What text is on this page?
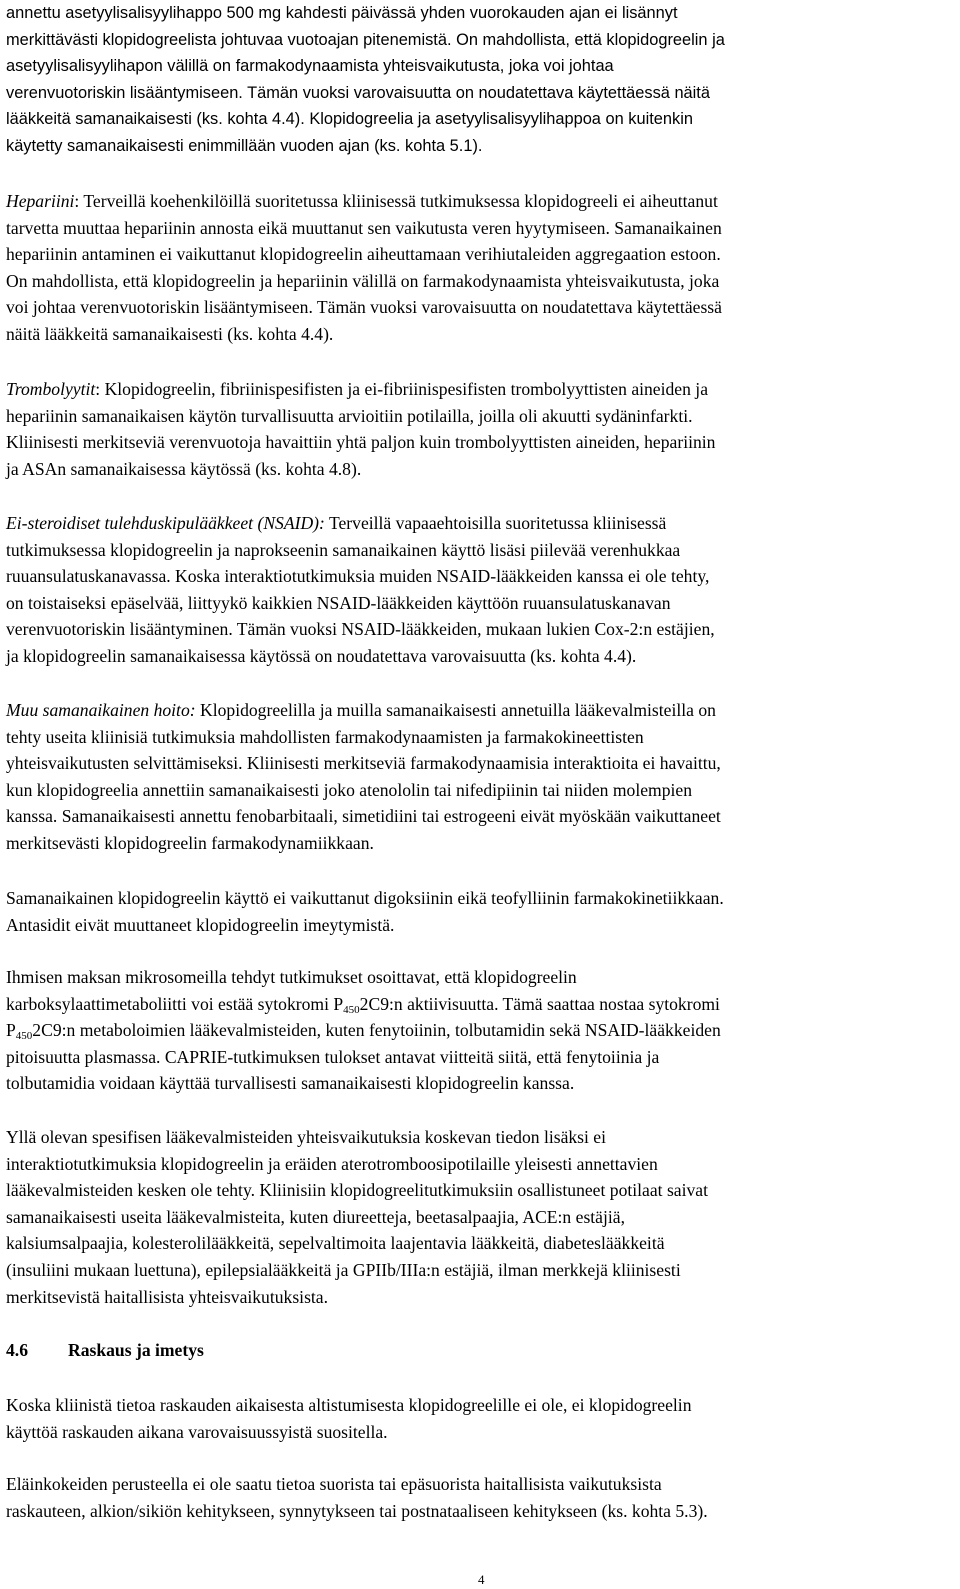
annettu asetyylisalisyylihappo 500 mg kahdesti päivässä yhden vuorokauden ajan ei lisännyt
merkittävästi klopidogreelista johtuvaa vuotoajan pitenemistä. On mahdollista, että klopidogreelin ja
asetyylisalisyylihapon välillä on farmakodynaamista yhteisvaikutusta, joka voi johtaa
verenvuotoriskin lisääntymiseen. Tämän vuoksi varovaisuutta on noudatettava käytettäessä näitä
lääkkeitä samanaikaisesti (ks. kohta 4.4). Klopidogreelia ja asetyylisalisyylihappoa on kuitenkin
käytetty samanaikaisesti enimmillään vuoden ajan (ks. kohta 5.1).
Hepariini: Terveillä koehenkilöillä suoritetussa kliinisessä tutkimuksessa klopidogreeli ei aiheuttanut
tarvetta muuttaa hepariinin annosta eikä muuttanut sen vaikutusta veren hyytymiseen. Samanaikainen
hepariinin antaminen ei vaikuttanut klopidogreelin aiheuttamaan verihiutaleiden aggregaation estoon.
On mahdollista, että klopidogreelin ja hepariinin välillä on farmakodynaamista yhteisvaikutusta, joka
voi johtaa verenvuotoriskin lisääntymiseen. Tämän vuoksi varovaisuutta on noudatettava käytettäessä
näitä lääkkeitä samanaikaisesti (ks. kohta 4.4).
Trombolyytit: Klopidogreelin, fibriinispesifisten ja ei-fibriinispesifisten trombolyyttisten aineiden ja
hepariinin samanaikaisen käytön turvallisuutta arvioitiin potilailla, joilla oli akuutti sydäninfarkti.
Kliinisesti merkitseviä verenvuotoja havaittiin yhtä paljon kuin trombolyyttisten aineiden, hepariinin
ja ASAn samanaikaisessa käytössä (ks. kohta 4.8).
Ei-steroidiset tulehduskipulääkkeet (NSAID): Terveillä vapaaehtoisilla suoritetussa kliinisessä
tutkimuksessa klopidogreelin ja naprokseenin samanaikainen käyttö lisäsi piilevää verenhukkaa
ruuansulatuskanavassa. Koska interaktiotutkimuksia muiden NSAID-lääkkeiden kanssa ei ole tehty,
on toistaiseksi epäselvää, liittyykö kaikkien NSAID-lääkkeiden käyttöön ruuansulatuskanavan
verenvuotoriskin lisääntyminen. Tämän vuoksi NSAID-lääkkeiden, mukaan lukien Cox-2:n estäjien,
ja klopidogreelin samanaikaisessa käytössä on noudatettava varovaisuutta (ks. kohta 4.4).
Muu samanaikainen hoito: Klopidogreelilla ja muilla samanaikaisesti annetuilla lääkevalmisteilla on
tehty useita kliinisiä tutkimuksia mahdollisten farmakodynaamisten ja farmakokineettisten
yhteisvaikutusten selvittämiseksi. Kliinisesti merkitseviä farmakodynaamisia interaktioita ei havaittu,
kun klopidogreelia annettiin samanaikaisesti joko atenololin tai nifedipiinin tai niiden molempien
kanssa. Samanaikaisesti annettu fenobarbitaali, simetidiini tai estrogeeni eivät myöskään vaikuttaneet
merkitsevästi klopidogreelin farmakodynamiikkaan.
Samanaikainen klopidogreelin käyttö ei vaikuttanut digoksiinin eikä teofylliinin farmakokinetiikkaan.
Antasidit eivät muuttaneet klopidogreelin imeytymistä.
Ihmisen maksan mikrosomeilla tehdyt tutkimukset osoittavat, että klopidogreelin
karboksylaattimetaboliitti voi estää sytokromi $P_{450}2C9:n$ aktiivisuutta. Tämä saattaa nostaa sytokromi
$P_{450}2C9:n$ metaboloimien lääkevalmisteiden, kuten fenytoiinin, tolbutamidin sekä NSAID-lääkkeiden
pitoisuutta plasmassa. CAPRIE-tutkimuksen tulokset antavat viitteitä siitä, että fenytoiinia ja
tolbutamidia voidaan käyttää turvallisesti samanaikaisesti klopidogreelin kanssa.
Yllä olevan spesifisen lääkevalmisteiden yhteisvaikutuksia koskevan tiedon lisäksi ei
interaktiotutkimuksia klopidogreelin ja eräiden aterotromboosipotilaille yleisesti annettavien
lääkevalmisteiden kesken ole tehty. Kliinisiin klopidogreelitutkimuksiin osallistuneet potilaat saivat
samanaikaisesti useita lääkevalmisteita, kuten diureetteja, beetasalpaajia, ACE:n estäjiä,
kalsiumsalpaajia, kolesterolilääkkeitä, sepelvaltimoita laajentavia lääkkeitä, diabeteslääkkeitä
(insuliini mukaan luettuna), epilepsialääkkeitä ja GPIIb/IIIa:n estäjiä, ilman merkkejä kliinisesti
merkitsevistä haitallisista yhteisvaikutuksista.
4.6 Raskaus ja imetys
Koska kliinistä tietoa raskauden aikaisesta altistumisesta klopidogreelille ei ole, ei klopidogreelin
käyttöä raskauden aikana varovaisuussyistä suositella.
Eläinkokeiden perusteella ei ole saatu tietoa suorista tai epäsuorista haitallisista vaikutuksista
raskauteen, alkion/sikiön kehitykseen, synnytykseen tai postnataaliseen kehitykseen (ks. kohta 5.3).
4
